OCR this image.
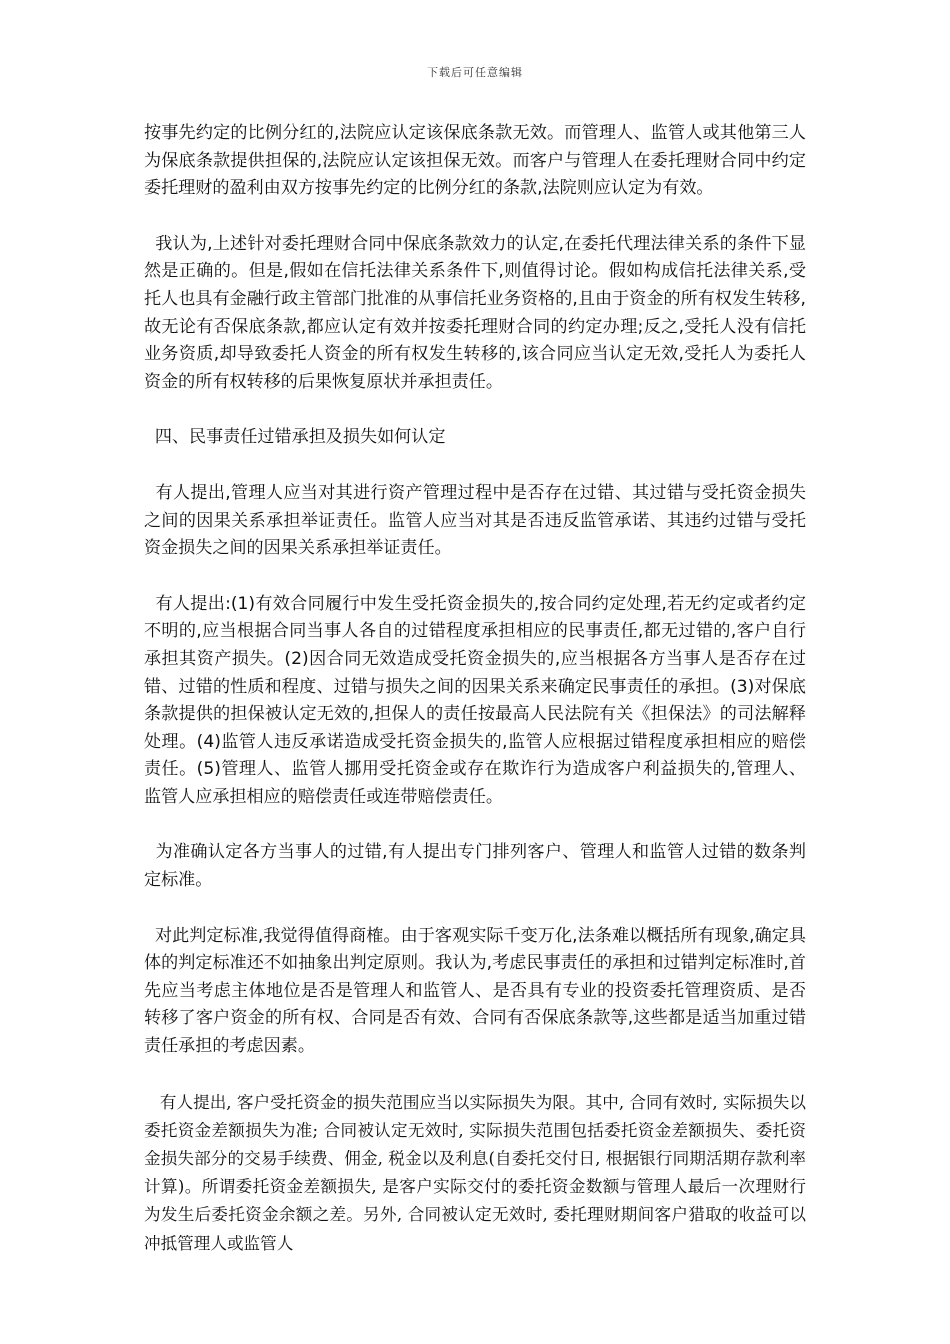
下载后可任意编辑

按事先约定的比例分红的,法院应认定该保底条款无效。而管理人、监管人或其他第三人为保底条款提供担保的,法院应认定该担保无效。而客户与管理人在委托理财合同中约定委托理财的盈利由双方按事先约定的比例分红的条款,法院则应认定为有效。

我认为,上述针对委托理财合同中保底条款效力的认定,在委托代理法律关系的条件下显然是正确的。但是,假如在信托法律关系条件下,则值得讨论。假如构成信托法律关系,受托人也具有金融行政主管部门批准的从事信托业务资格的,且由于资金的所有权发生转移,故无论有否保底条款,都应认定有效并按委托理财合同的约定办理;反之,受托人没有信托业务资质,却导致委托人资金的所有权发生转移的,该合同应当认定无效,受托人为委托人资金的所有权转移的后果恢复原状并承担责任。

四、民事责任过错承担及损失如何认定

有人提出,管理人应当对其进行资产管理过程中是否存在过错、其过错与受托资金损失之间的因果关系承担举证责任。监管人应当对其是否违反监管承诺、其违约过错与受托资金损失之间的因果关系承担举证责任。

有人提出:(1)有效合同履行中发生受托资金损失的,按合同约定处理,若无约定或者约定不明的,应当根据合同当事人各自的过错程度承担相应的民事责任,都无过错的,客户自行承担其资产损失。(2)因合同无效造成受托资金损失的,应当根据各方当事人是否存在过错、过错的性质和程度、过错与损失之间的因果关系来确定民事责任的承担。(3)对保底条款提供的担保被认定无效的,担保人的责任按最高人民法院有关《担保法》的司法解释处理。(4)监管人违反承诺造成受托资金损失的,监管人应根据过错程度承担相应的赔偿责任。(5)管理人、监管人挪用受托资金或存在欺诈行为造成客户利益损失的,管理人、监管人应承担相应的赔偿责任或连带赔偿责任。

为准确认定各方当事人的过错,有人提出专门排列客户、管理人和监管人过错的数条判定标准。

对此判定标准,我觉得值得商榷。由于客观实际千变万化,法条难以概括所有现象,确定具体的判定标准还不如抽象出判定原则。我认为,考虑民事责任的承担和过错判定标准时,首先应当考虑主体地位是否是管理人和监管人、是否具有专业的投资委托管理资质、是否转移了客户资金的所有权、合同是否有效、合同有否保底条款等,这些都是适当加重过错责任承担的考虑因素。

有人提出, 客户受托资金的损失范围应当以实际损失为限。其中, 合同有效时, 实际损失以委托资金差额损失为准; 合同被认定无效时, 实际损失范围包括委托资金差额损失、委托资金损失部分的交易手续费、佣金, 税金以及利息(自委托交付日, 根据银行同期活期存款利率计算)。所谓委托资金差额损失, 是客户实际交付的委托资金数额与管理人最后一次理财行为发生后委托资金余额之差。另外, 合同被认定无效时, 委托理财期间客户猎取的收益可以冲抵管理人或监管人
